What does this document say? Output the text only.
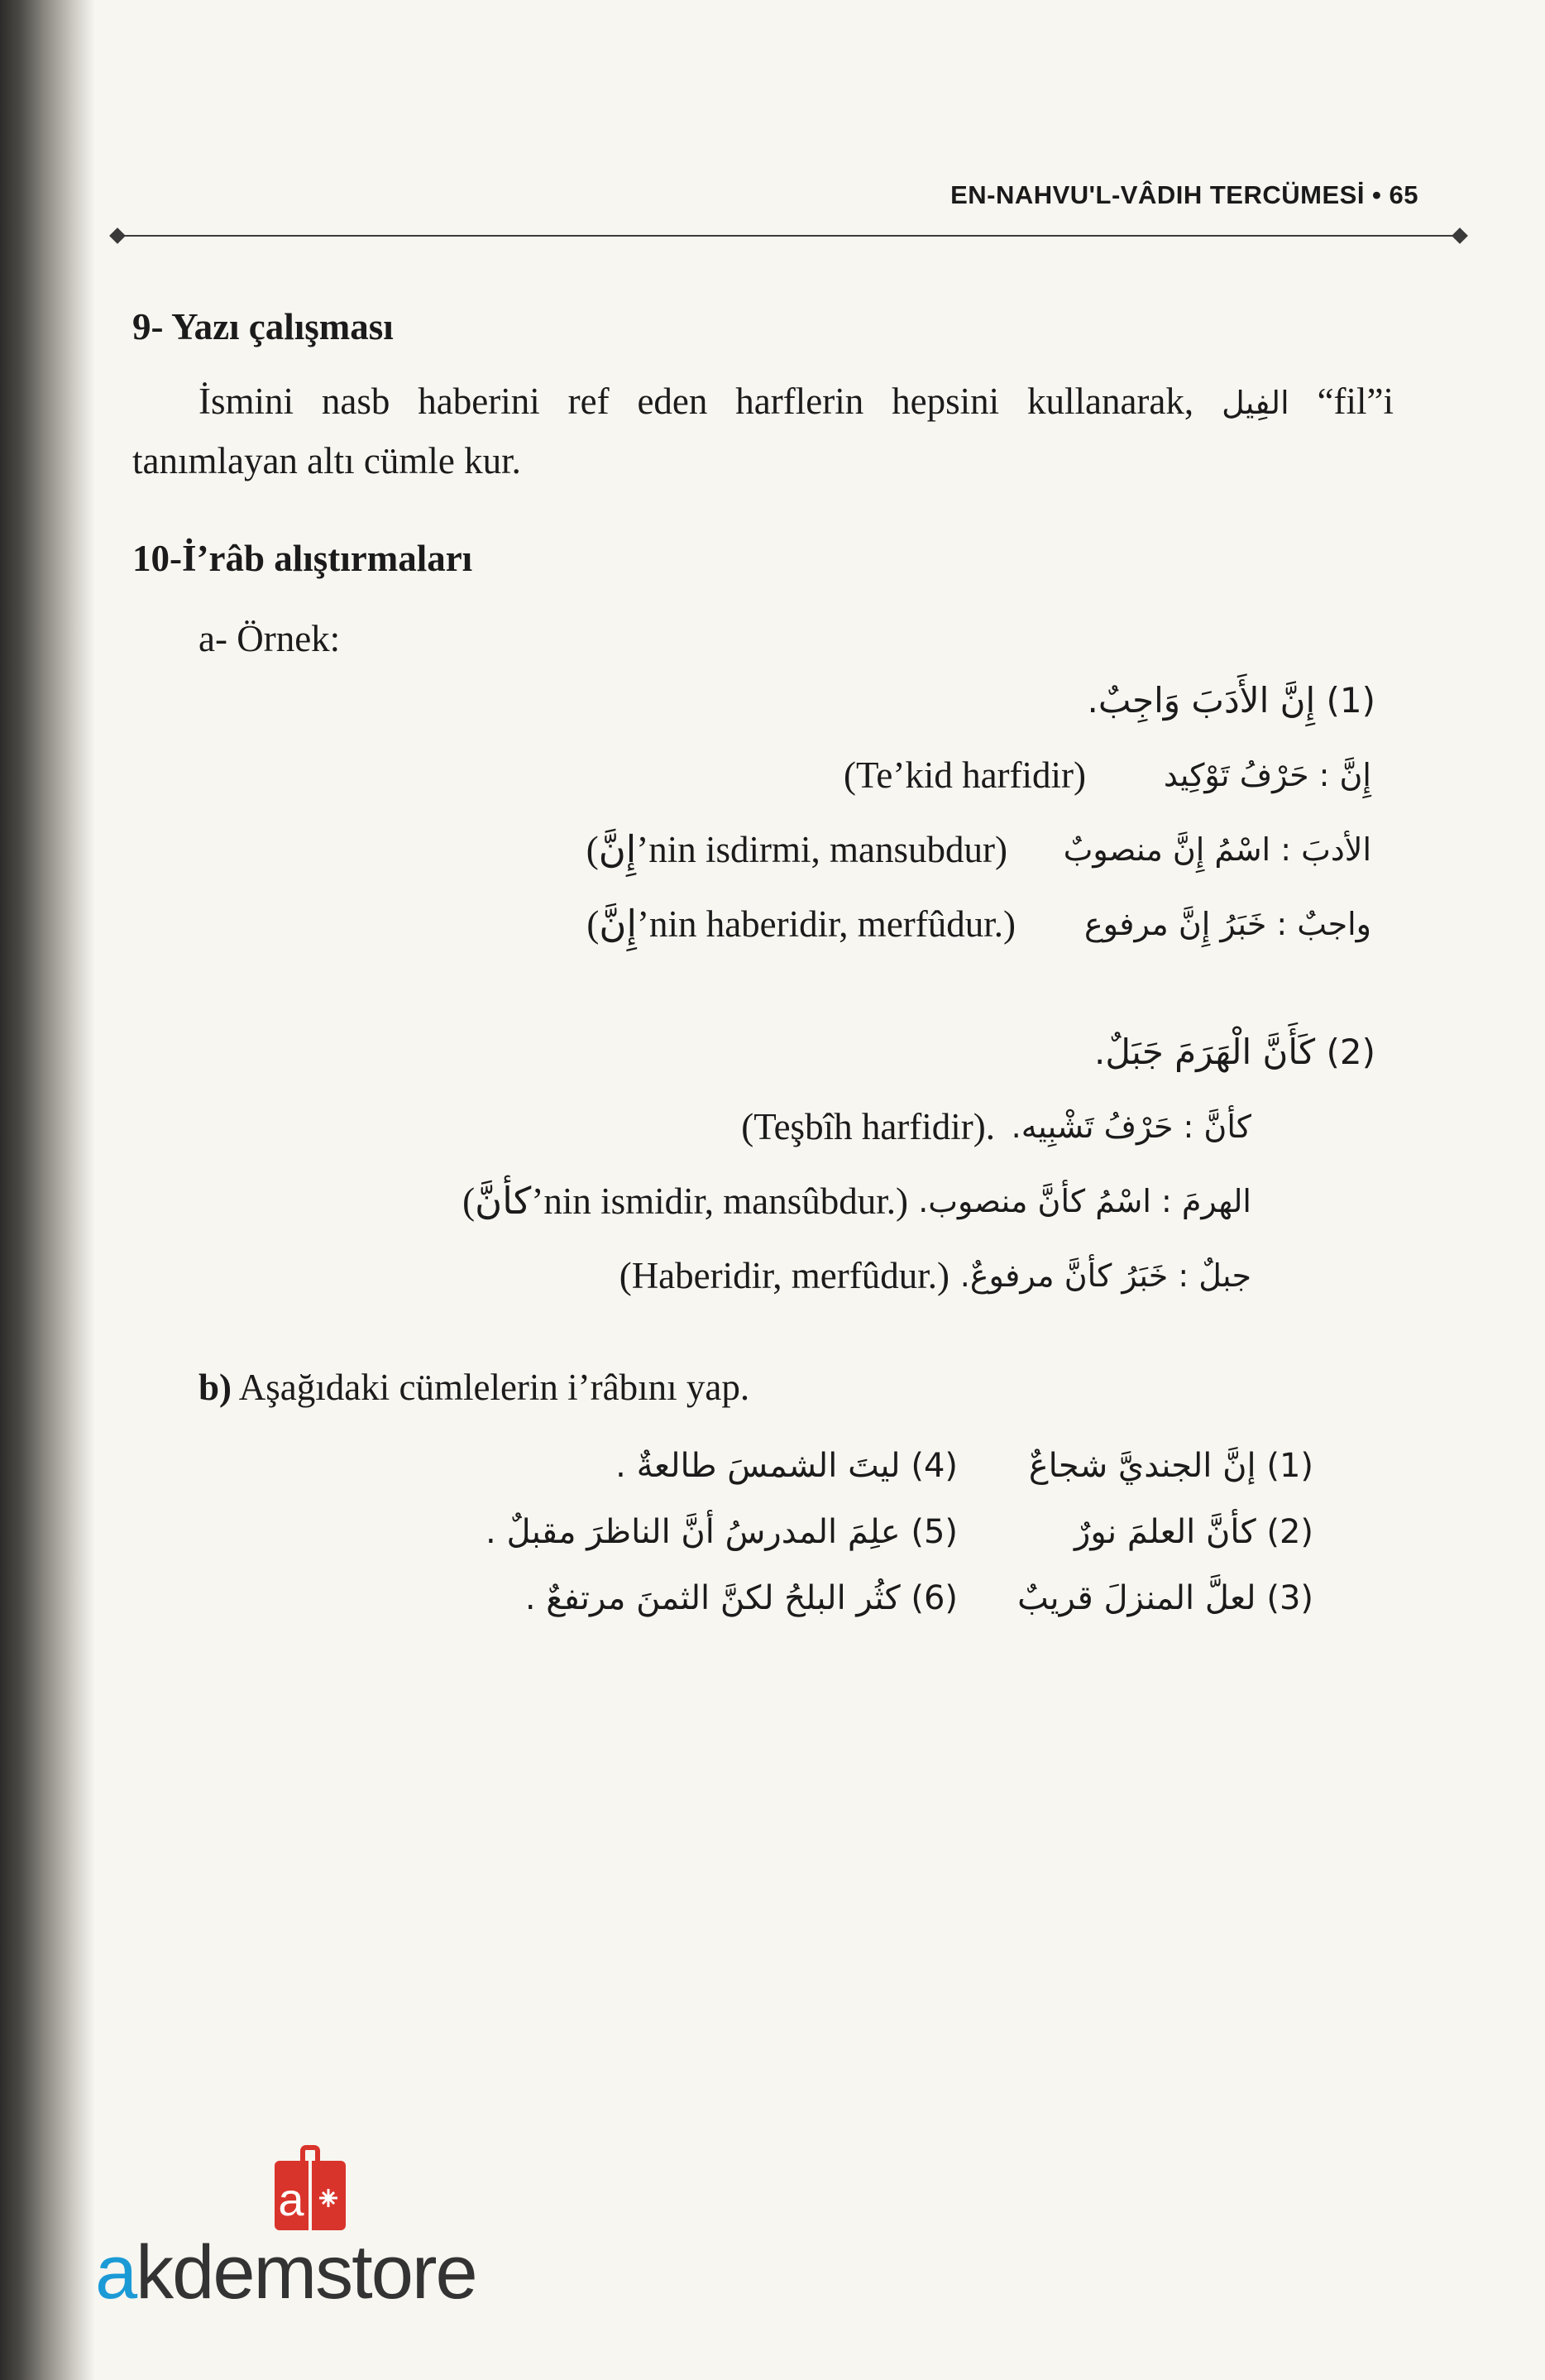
EN-NAHVU'L-VÂDIH TERCÜMESİ • 65
9- Yazı çalışması
İsmini nasb haberini ref eden harflerin hepsini kullanarak, الفِيل “fil”i tanımlayan altı cümle kur.
10-İ’râb alıştırmaları
a- Örnek:
(1) إِنَّ الأَدَبَ وَاجِبٌ.
إِنَّ : حَرْفُ تَوْكِيد
(Te’kid harfidir)
الأدبَ : اسْمُ إِنَّ منصوبٌ
(إِنَّ’nin isdirmi, mansubdur)
واجبٌ : خَبَرُ إِنَّ مرفوع
(إِنَّ’nin haberidir, merfûdur.)
(2) كَأَنَّ الْهَرَمَ جَبَلٌ.
كأنَّ : حَرْفُ تَشْبِيه.
(Teşbîh harfidir).
الهرمَ : اسْمُ كأنَّ منصوب.
(كأنَّ’nin ismidir, mansûbdur.)
جبلٌ : خَبَرُ كأنَّ مرفوعٌ.
(Haberidir, merfûdur.)
b) Aşağıdaki cümlelerin i’râbını yap.
(1) إنَّ الجنديَّ شجاعٌ
(2) كأنَّ العلمَ نورٌ
(3) لعلَّ المنزلَ قريبٌ
(4) ليتَ الشمسَ طالعةٌ .
(5) علِمَ المدرسُ أنَّ الناظرَ مقبلٌ .
(6) كثُر البلحُ لكنَّ الثمنَ مرتفعٌ .
a
akdemstore
